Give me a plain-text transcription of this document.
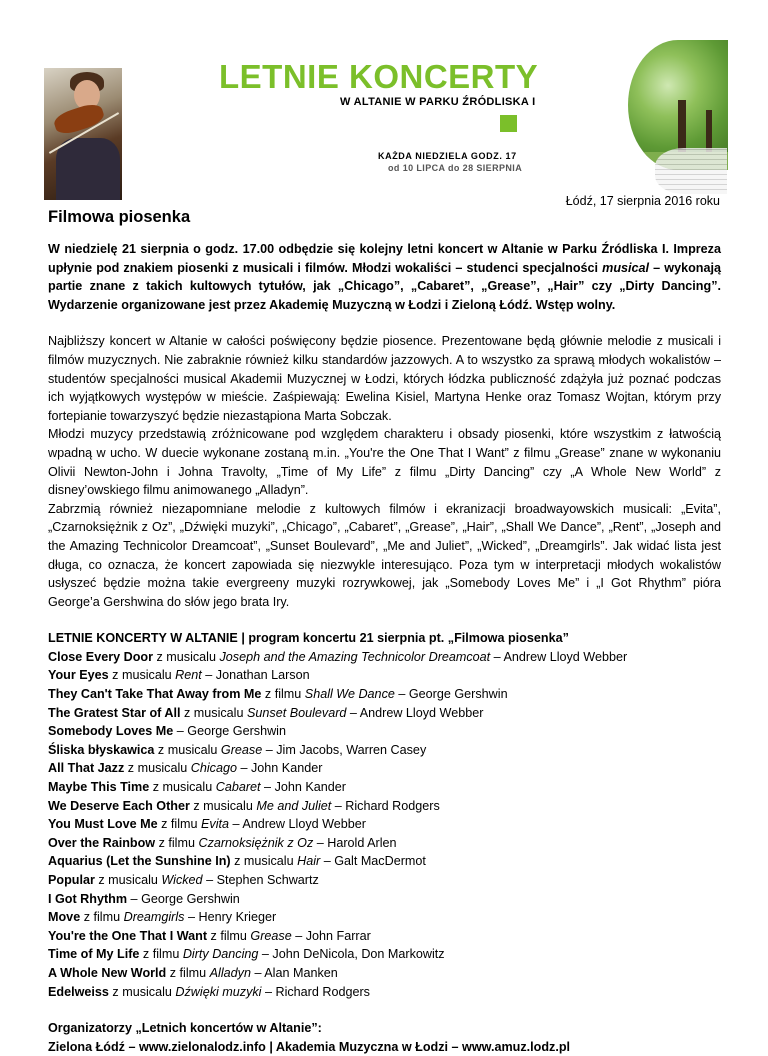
LETNIE KONCERTY
W ALTANIE W PARKU ŹRÓDLISKA I
KAŻDA NIEDZIELA GODZ. 17
od 10 LIPCA do 28 SIERPNIA
Łódź, 17 sierpnia 2016 roku
Filmowa piosenka

W niedzielę 21 sierpnia o godz. 17.00 odbędzie się kolejny letni koncert w Altanie w Parku Źródliska I. Impreza upłynie pod znakiem piosenki z musicali i filmów. Młodzi wokaliści – studenci specjalności musical – wykonają partie znane z takich kultowych tytułów, jak „Chicago”, „Cabaret”, „Grease”, „Hair” czy „Dirty Dancing”. Wydarzenie organizowane jest przez Akademię Muzyczną w Łodzi i Zieloną Łódź. Wstęp wolny.

Najbliższy koncert w Altanie w całości poświęcony będzie piosence. Prezentowane będą głównie melodie z musicali i filmów muzycznych. Nie zabraknie również kilku standardów jazzowych. A to wszystko za sprawą młodych wokalistów – studentów specjalności musical Akademii Muzycznej w Łodzi, których łódzka publiczność zdążyła już poznać podczas ich wyjątkowych występów w mieście. Zaśpiewają: Ewelina Kisiel, Martyna Henke oraz Tomasz Wojtan, którym przy fortepianie towarzyszyć będzie niezastąpiona Marta Sobczak.

Młodzi muzycy przedstawią zróżnicowane pod względem charakteru i obsady piosenki, które wszystkim z łatwością wpadną w ucho. W duecie wykonane zostaną m.in. „You're the One That I Want” z filmu „Grease” znane w wykonaniu Olivii Newton-John i Johna Travolty, „Time of My Life” z filmu „Dirty Dancing” czy „A Whole New World” z disney’owskiego filmu animowanego „Alladyn”.

Zabrzmią również niezapomniane melodie z kultowych filmów i ekranizacji broadwayowskich musicali: „Evita”, „Czarnoksiężnik z Oz”, „Dźwięki muzyki”, „Chicago”, „Cabaret”, „Grease”, „Hair”, „Shall We Dance”, „Rent”, „Joseph and the Amazing Technicolor Dreamcoat”, „Sunset Boulevard”, „Me and Juliet”, „Wicked”, „Dreamgirls”. Jak widać lista jest długa, co oznacza, że koncert zapowiada się niezwykle interesująco. Poza tym w interpretacji młodych wokalistów usłyszeć będzie można takie evergreeny muzyki rozrywkowej, jak „Somebody Loves Me” i „I Got Rhythm” pióra George’a Gershwina do słów jego brata Iry.

LETNIE KONCERTY W ALTANIE | program koncertu 21 sierpnia pt. „Filmowa piosenka”
Close Every Door z musicalu Joseph and the Amazing Technicolor Dreamcoat – Andrew Lloyd Webber
Your Eyes z musicalu Rent – Jonathan Larson
They Can't Take That Away from Me z filmu Shall We Dance – George Gershwin
The Gratest Star of All z musicalu Sunset Boulevard – Andrew Lloyd Webber
Somebody Loves Me – George Gershwin
Śliska błyskawica z musicalu Grease – Jim Jacobs, Warren Casey
All That Jazz z musicalu Chicago – John Kander
Maybe This Time z musicalu Cabaret – John Kander
We Deserve Each Other z musicalu Me and Juliet – Richard Rodgers
You Must Love Me z filmu Evita – Andrew Lloyd Webber
Over the Rainbow z filmu Czarnoksiężnik z Oz – Harold Arlen
Aquarius (Let the Sunshine In) z musicalu Hair – Galt MacDermot
Popular z musicalu Wicked – Stephen Schwartz
I Got Rhythm – George Gershwin
Move z filmu Dreamgirls – Henry Krieger
You're the One That I Want z filmu Grease – John Farrar
Time of My Life z filmu Dirty Dancing – John DeNicola, Don Markowitz
A Whole New World z filmu Alladyn – Alan Manken
Edelweiss z musicalu Dźwięki muzyki – Richard Rodgers
Organizatorzy „Letnich koncertów w Altanie”:
Zielona Łódź – www.zielonalodz.info | Akademia Muzyczna w Łodzi – www.amuz.lodz.pl
